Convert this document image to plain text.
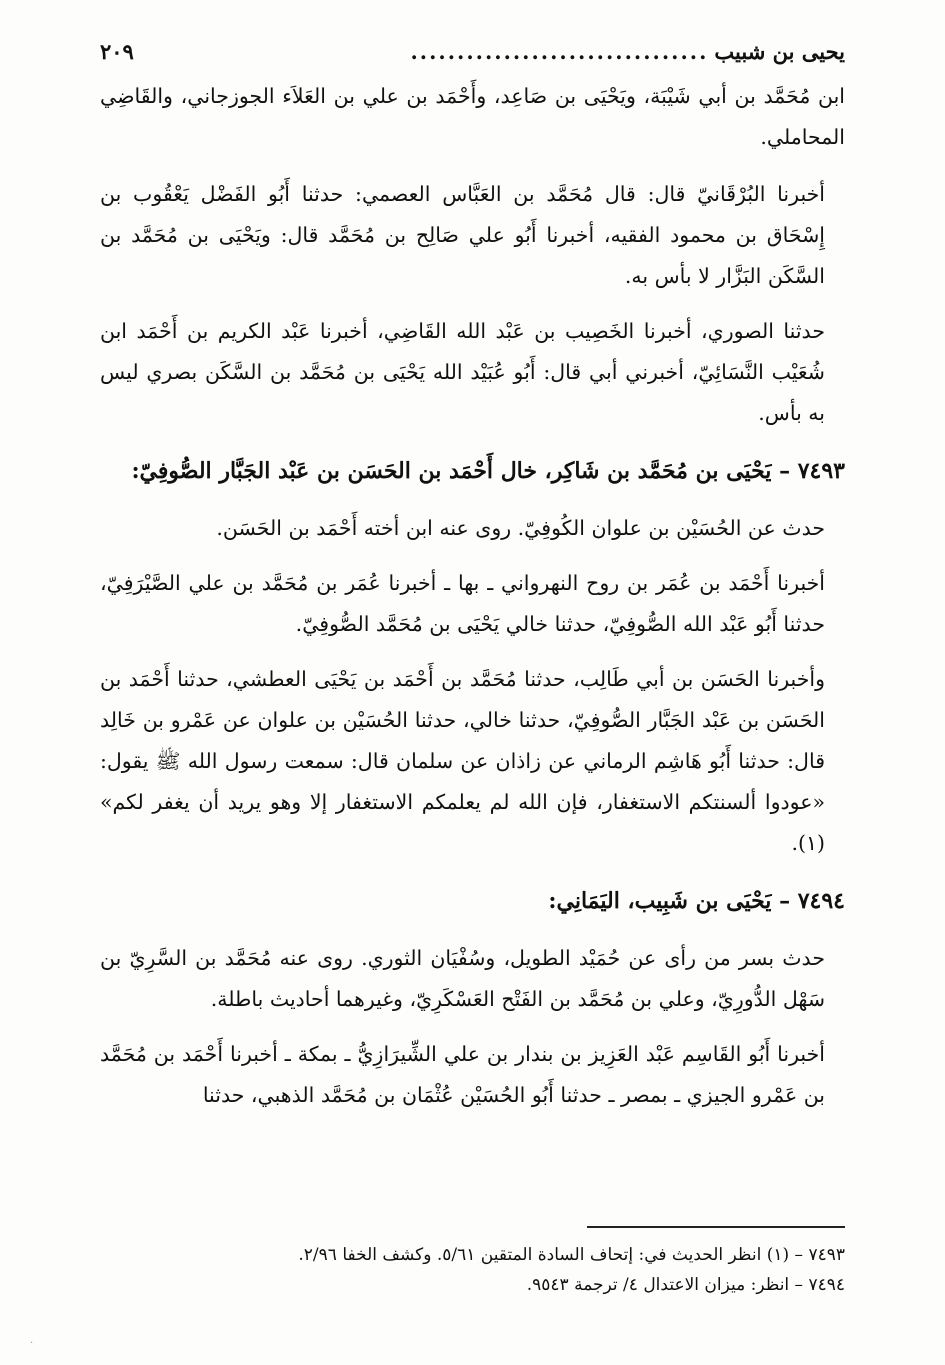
يحيى بن شبيب
................................
٢٠٩

ابن مُحَمَّد بن أبي شَيْبَة، ويَحْيَى بن صَاعِد، وأَحْمَد بن علي بن العَلاَء الجوزجاني، والقَاضِي المحاملي.

أخبرنا البُرْقَانيّ قال: قال مُحَمَّد بن العَبَّاس العصمي: حدثنا أَبُو الفَضْل يَعْقُوب بن إِسْحَاق بن محمود الفقيه، أخبرنا أَبُو علي صَالِح بن مُحَمَّد قال: ويَحْيَى بن مُحَمَّد بن السَّكَن البَزَّار لا بأس به.

حدثنا الصوري، أخبرنا الخَصِيب بن عَبْد الله القَاضِي، أخبرنا عَبْد الكريم بن أَحْمَد ابن شُعَيْب النَّسَائِيّ، أخبرني أبي قال: أَبُو عُبَيْد الله يَحْيَى بن مُحَمَّد بن السَّكَن بصري ليس به بأس.

٧٤٩٣ – يَحْيَى بن مُحَمَّد بن شَاكِر، خال أَحْمَد بن الحَسَن بن عَبْد الجَبَّار الصُّوفِيّ:

حدث عن الحُسَيْن بن علوان الكُوفِيّ. روى عنه ابن أخته أَحْمَد بن الحَسَن.

أخبرنا أَحْمَد بن عُمَر بن روح النهرواني ـ بها ـ أخبرنا عُمَر بن مُحَمَّد بن علي الصَّيْرَفِيّ، حدثنا أَبُو عَبْد الله الصُّوفِيّ، حدثنا خالي يَحْيَى بن مُحَمَّد الصُّوفِيّ.

وأخبرنا الحَسَن بن أبي طَالِب، حدثنا مُحَمَّد بن أَحْمَد بن يَحْيَى العطشي، حدثنا أَحْمَد بن الحَسَن بن عَبْد الجَبَّار الصُّوفِيّ، حدثنا خالي، حدثنا الحُسَيْن بن علوان عن عَمْرو بن خَالِد قال: حدثنا أَبُو هَاشِم الرماني عن زاذان عن سلمان قال: سمعت رسول الله ﷺ يقول: «عودوا ألسنتكم الاستغفار، فإن الله لم يعلمكم الاستغفار إلا وهو يريد أن يغفر لكم» (١).

٧٤٩٤ – يَحْيَى بن شَبِيب، اليَمَانِي:

حدث بسر من رأى عن حُمَيْد الطويل، وسُفْيَان الثوري. روى عنه مُحَمَّد بن السَّرِيّ بن سَهْل الدُّورِيّ، وعلي بن مُحَمَّد بن الفَتْح العَسْكَرِيّ، وغيرهما أحاديث باطلة.

أخبرنا أَبُو القَاسِم عَبْد العَزِيز بن بندار بن علي الشِّيرَازِيُّ ـ بمكة ـ أخبرنا أَحْمَد بن مُحَمَّد بن عَمْرو الجيزي ـ بمصر ـ حدثنا أَبُو الحُسَيْن عُثْمَان بن مُحَمَّد الذهبي، حدثنا

٧٤٩٣ – (١) انظر الحديث في: إتحاف السادة المتقين ٥/٦١. وكشف الخفا ٢/٩٦.
٧٤٩٤ – انظر: ميزان الاعتدال ٤/ ترجمة ٩٥٤٣.
·
